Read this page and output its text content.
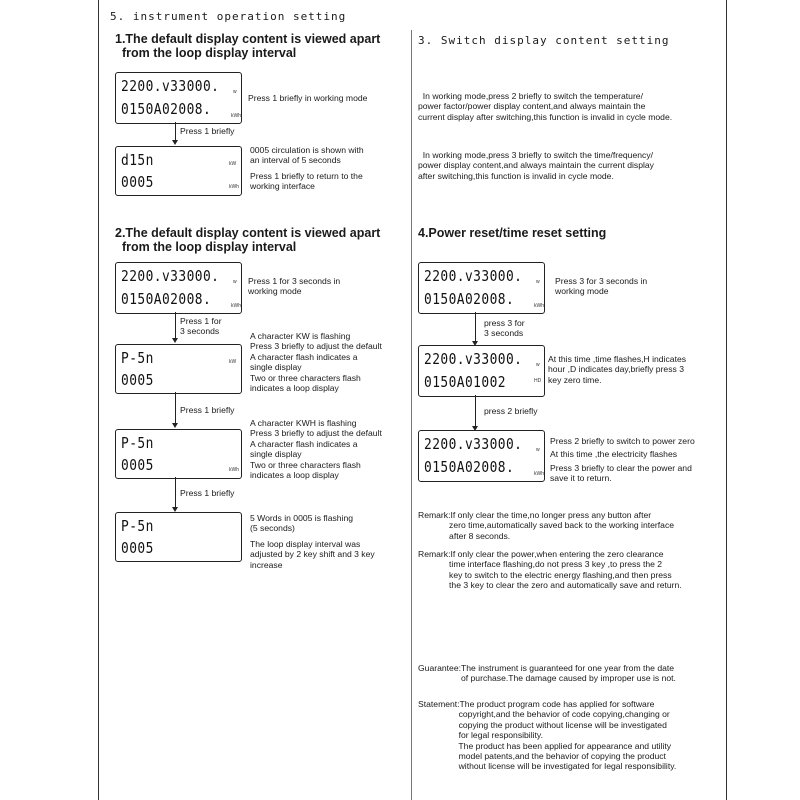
5. instrument operation setting
1.The default display content is viewed apart
from the loop display interval
2200.v33000.
0150A02008.
w
kWh
Press 1 briefly in working mode
Press 1 briefly
d15n
0005
kW
kWh
0005 circulation is shown with
an interval of 5 seconds
Press 1 briefly to return to the
working interface
2.The default display content is viewed apart
from the loop display interval
2200.v33000.
0150A02008.
w
kWh
Press 1 for 3 seconds in
working mode
Press 1 for
3 seconds
P-5n
0005
kW
A character KW is flashing
Press 3 briefly to adjust the default
A character flash indicates a
single display
Two or three characters flash
indicates a loop display
Press 1 briefly
P-5n
0005	kWh
A character KWH is flashing
Press 3 briefly to adjust the default
A character flash indicates a
single display
Two or three characters flash
indicates a loop display
Press 1 briefly
P-5n
0005
5 Words in 0005 is flashing
(5 seconds)
The loop display interval was
adjusted by 2 key shift and 3 key
increase
3. Switch display content setting
In working mode,press 2 briefly to switch the temperature/
power factor/power display content,and always maintain the
current display after switching,this function is invalid in cycle mode.
In working mode,press 3 briefly to switch the time/frequency/
power display content,and always maintain the current display
after switching,this function is invalid in cycle mode.
4.Power reset/time reset setting
2200.v33000.
0150A02008.
w
kWh
Press 3 for 3 seconds in
working mode
press 3 for
3 seconds
2200.v33000.
0150A01002
w
HD
At this time ,time flashes,H indicates
hour ,D indicates day,briefly press 3
key zero time.
press 2 briefly
2200.v33000.
0150A02008.
w
kWh
Press 2 briefly to switch to power zero
At this time ,the electricity flashes
Press 3 briefly to clear the power and
save it to return.
Remark:If only clear the time,no longer press any button after
zero time,automatically saved back to the working interface
after 8 seconds.
Remark:If only clear the power,when entering the zero clearance
time interface flashing,do not press 3 key ,to press the 2
key to switch to the electric energy flashing,and then press
the 3 key to clear the zero and automatically save and return.
Guarantee:The instrument is guaranteed for one year from the date
of purchase.The damage caused by improper use is not.
Statement:The product program code has applied for software
copyright,and the behavior of code copying,changing or
copying the product without license will be investigated
for legal responsibility.
The product has been applied for appearance and utility
model patents,and the behavior of copying the product
without license will be investigated for legal responsibility.
